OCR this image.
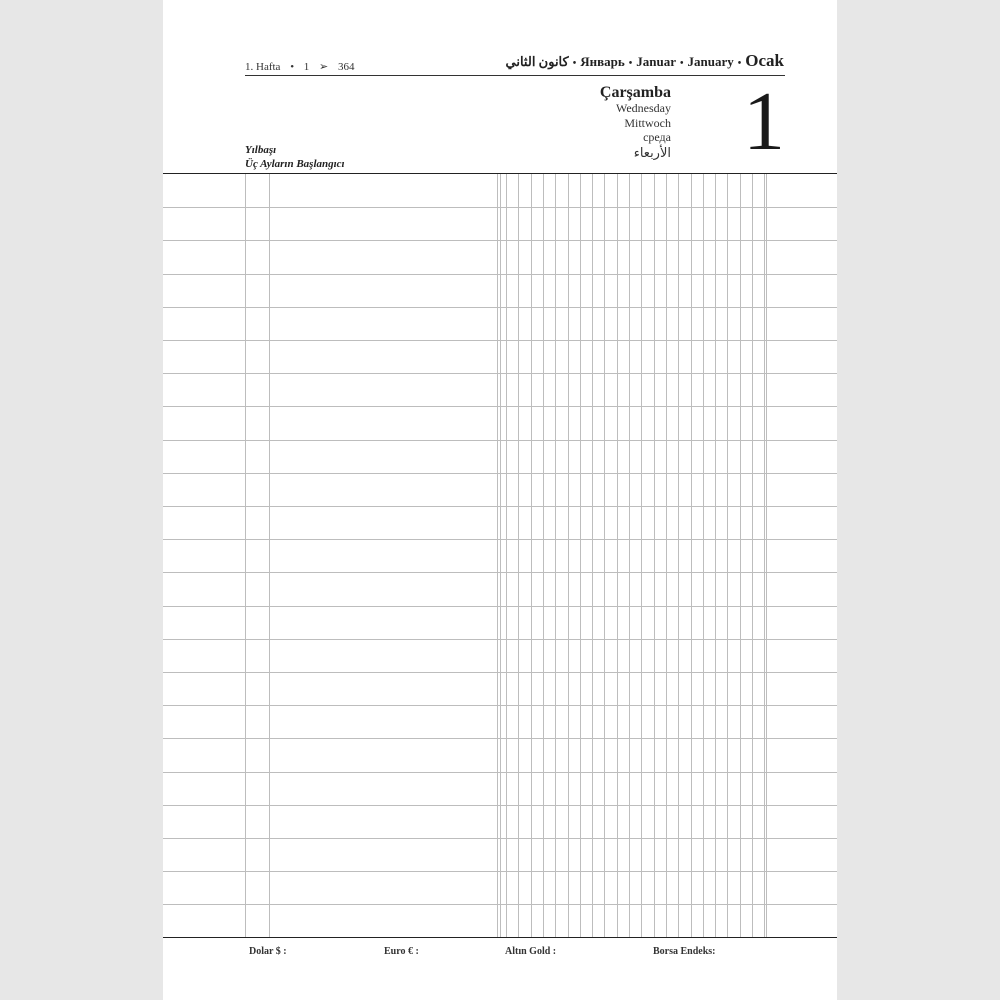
1. Hafta • 1 ➢ 364	كانون الثاني • Январь • Januar • January • Ocak
Çarşamba
Wednesday
Mittwoch
среда
الأربعاء 1
Yılbaşı
Üç Ayların Başlangıcı
Dolar $ :	Euro € :	Altın Gold :	Borsa Endeks:
